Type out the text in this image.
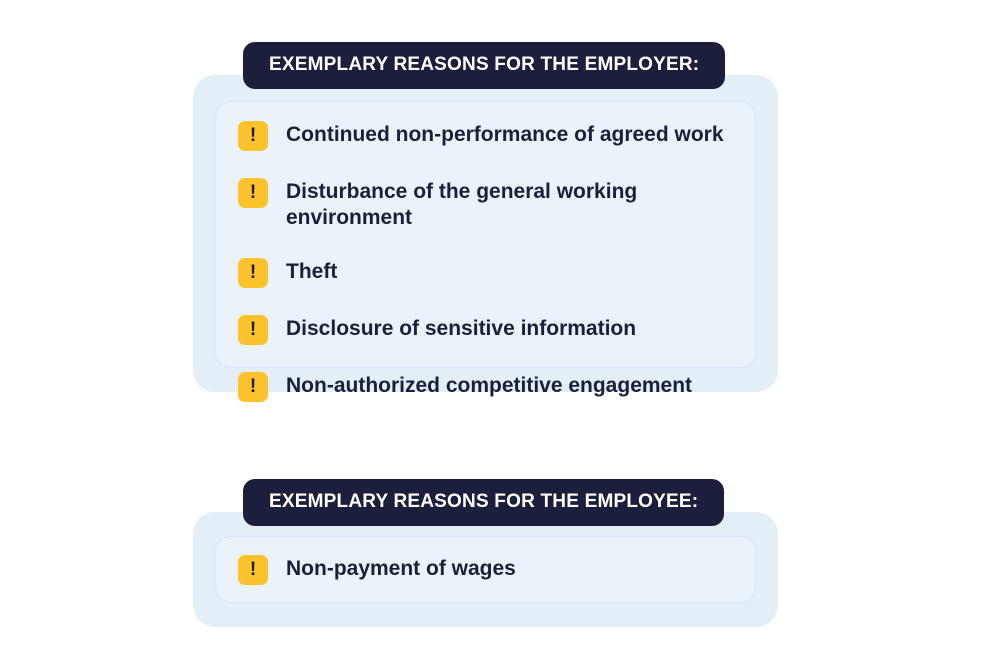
EXEMPLARY REASONS FOR THE EMPLOYER:
!	Continued non-performance of agreed work
!	Disturbance of the general working environment
!	Theft
!	Disclosure of sensitive information
!	Non-authorized competitive engagement
EXEMPLARY REASONS FOR THE EMPLOYEE:
!	Non-payment of wages
